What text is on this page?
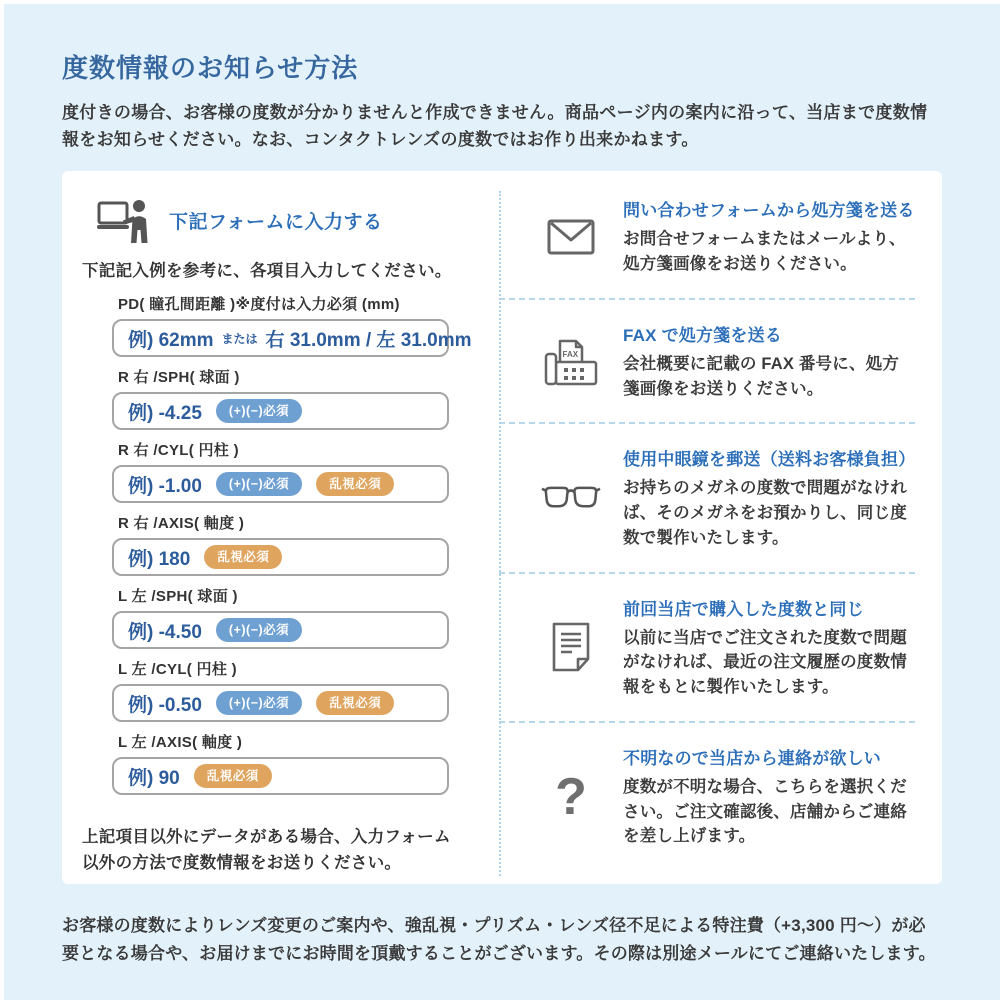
度数情報のお知らせ方法

度付きの場合、お客様の度数が分かりませんと作成できません。商品ページ内の案内に沿って、当店まで度数情報をお知らせください。なお、コンタクトレンズの度数ではお作り出来かねます。

下記フォームに入力する

下記記入例を参考に、各項目入力してください。

PD( 瞳孔間距離 )※度付は入力必須 (mm)
例) 62mm または 右 31.0mm / 左 31.0mm
R 右 /SPH( 球面 )
例) -4.25	(+)(−)必須
R 右 /CYL( 円柱 )
例) -1.00	(+)(−)必須	乱視必須
R 右 /AXIS( 軸度 )
例) 180	乱視必須
L 左 /SPH( 球面 )
例) -4.50	(+)(−)必須
L 左 /CYL( 円柱 )
例) -0.50	(+)(−)必須	乱視必須
L 左 /AXIS( 軸度 )
例) 90	乱視必須

上記項目以外にデータがある場合、入力フォーム以外の方法で度数情報をお送りください。

問い合わせフォームから処方箋を送る
お問合せフォームまたはメールより、処方箋画像をお送りください。
FAX
FAX で処方箋を送る
会社概要に記載の FAX 番号に、処方箋画像をお送りください。
使用中眼鏡を郵送（送料お客様負担）
お持ちのメガネの度数で問題がなければ、そのメガネをお預かりし、同じ度数で製作いたします。
前回当店で購入した度数と同じ
以前に当店でご注文された度数で問題がなければ、最近の注文履歴の度数情報をもとに製作いたします。
?
不明なので当店から連絡が欲しい
度数が不明な場合、こちらを選択ください。ご注文確認後、店舗からご連絡を差し上げます。

お客様の度数によりレンズ変更のご案内や、強乱視・プリズム・レンズ径不足による特注費（+3,300 円〜）が必要となる場合や、お届けまでにお時間を頂戴することがございます。その際は別途メールにてご連絡いたします。
